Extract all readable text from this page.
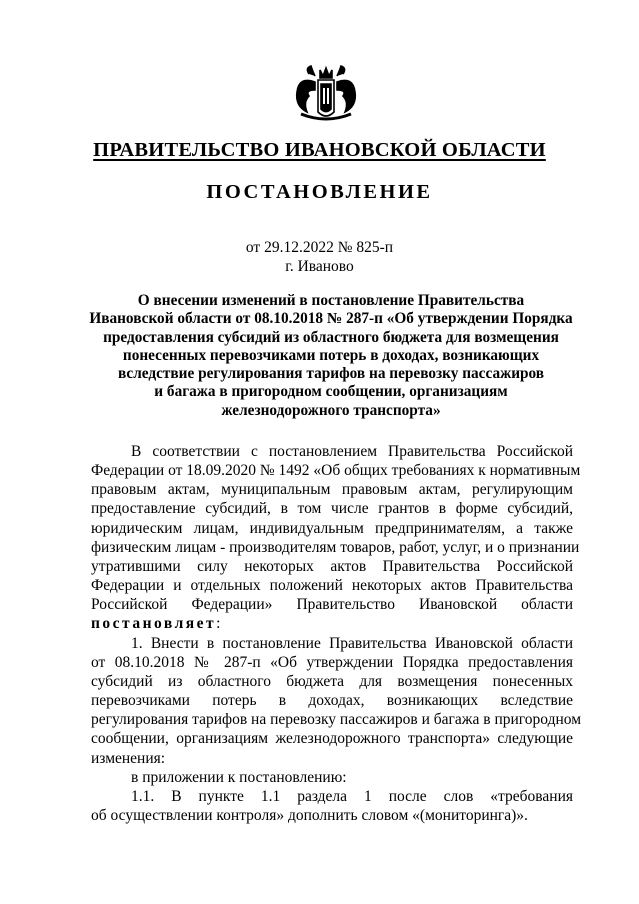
ПРАВИТЕЛЬСТВО ИВАНОВСКОЙ ОБЛАСТИ
ПОСТАНОВЛЕНИЕ
от 29.12.2022 № 825-п
г. Иваново
О внесении изменений в постановление Правительства
Ивановской области от 08.10.2018 № 287-п «Об утверждении Порядка
предоставления субсидий из областного бюджета для возмещения
понесенных перевозчиками потерь в доходах, возникающих
вследствие регулирования тарифов на перевозку пассажиров
и багажа в пригородном сообщении, организациям
железнодорожного транспорта»
В соответствии с постановлением Правительства Российской
Федерации от 18.09.2020 № 1492 «Об общих требованиях к нормативным
правовым актам, муниципальным правовым актам, регулирующим
предоставление субсидий, в том числе грантов в форме субсидий,
юридическим лицам, индивидуальным предпринимателям, а также
физическим лицам - производителям товаров, работ, услуг, и о признании
утратившими силу некоторых актов Правительства Российской
Федерации и отдельных положений некоторых актов Правительства
Российской Федерации» Правительство Ивановской области
постановляет:
1. Внести в постановление Правительства Ивановской области
от 08.10.2018 № 287-п «Об утверждении Порядка предоставления
субсидий из областного бюджета для возмещения понесенных
перевозчиками потерь в доходах, возникающих вследствие
регулирования тарифов на перевозку пассажиров и багажа в пригородном
сообщении, организациям железнодорожного транспорта» следующие
изменения:
в приложении к постановлению:
1.1. В пункте 1.1 раздела 1 после слов «требования
об осуществлении контроля» дополнить словом «(мониторинга)».
